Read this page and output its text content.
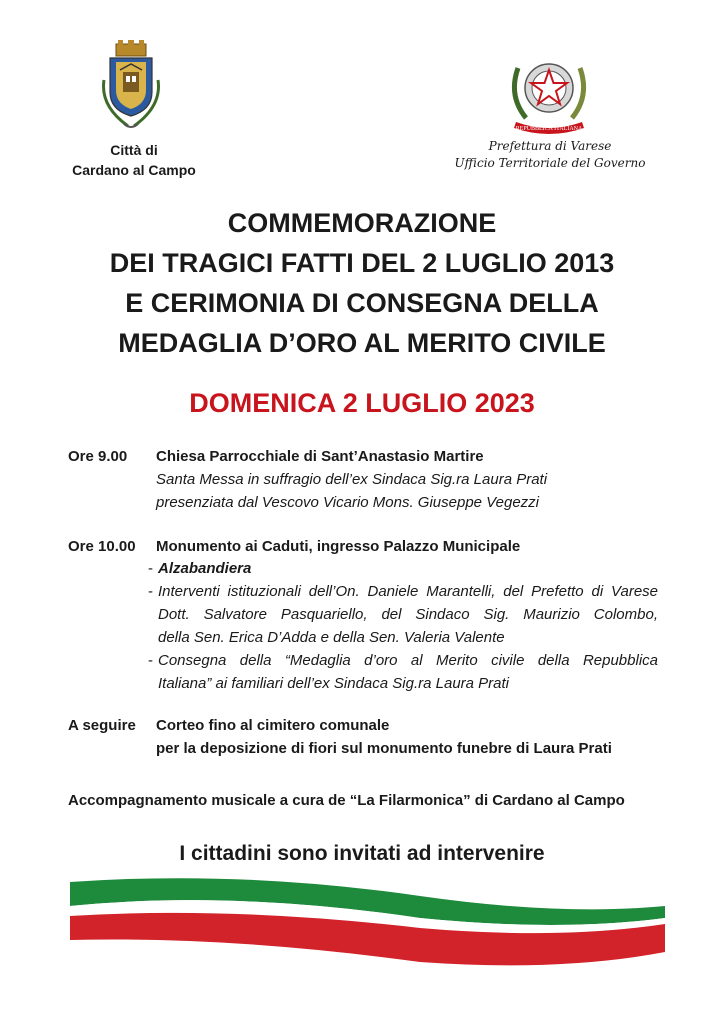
Città di
Cardano al Campo
REPUBBLICA ITALIANA
Prefettura di Varese
Ufficio Territoriale del Governo
COMMEMORAZIONE
DEI TRAGICI FATTI DEL 2 LUGLIO 2013
E CERIMONIA DI CONSEGNA DELLA
MEDAGLIA D’ORO AL MERITO CIVILE
DOMENICA 2 LUGLIO 2023
Ore 9.00 Chiesa Parrocchiale di Sant’Anastasio Martire
Santa Messa in suffragio dell’ex Sindaca Sig.ra Laura Prati
presenziata dal Vescovo Vicario Mons. Giuseppe Vegezzi
Ore 10.00 Monumento ai Caduti, ingresso Palazzo Municipale
- Alzabandiera
- Interventi istituzionali dell’On. Daniele Marantelli, del Prefetto di Varese
Dott. Salvatore Pasquariello, del Sindaco Sig. Maurizio Colombo,
della Sen. Erica D’Adda e della Sen. Valeria Valente
- Consegna della “Medaglia d’oro al Merito civile della Repubblica
Italiana” ai familiari dell’ex Sindaca Sig.ra Laura Prati
A seguire Corteo fino al cimitero comunale
per la deposizione di fiori sul monumento funebre di Laura Prati
Accompagnamento musicale a cura de “La Filarmonica” di Cardano al Campo
I cittadini sono invitati ad intervenire
